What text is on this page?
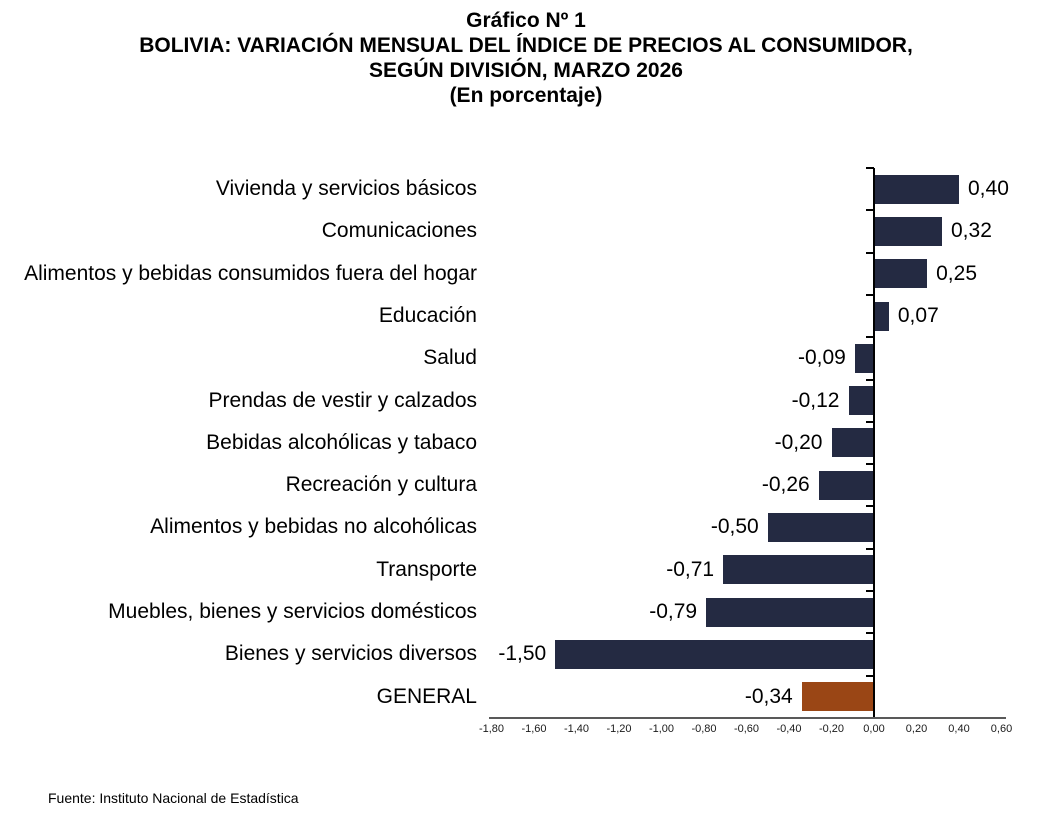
Gráfico Nº 1
BOLIVIA: VARIACIÓN MENSUAL DEL ÍNDICE DE PRECIOS AL CONSUMIDOR,
SEGÚN DIVISIÓN, MARZO 2026
(En porcentaje)
Vivienda y servicios básicos	0,40
Comunicaciones	0,32
Alimentos y bebidas consumidos fuera del hogar	0,25
Educación	0,07
Salud	-0,09
Prendas de vestir y calzados	-0,12
Bebidas alcohólicas y tabaco	-0,20
Recreación y cultura	-0,26
Alimentos y bebidas no alcohólicas	-0,50
Transporte	-0,71
Muebles, bienes y servicios domésticos	-0,79
Bienes y servicios diversos -1,50
GENERAL	-0,34
-1,80	-1,60	-1,40	-1,20	-1,00	-0,80	-0,60	-0,40	-0,20	0,00	0,20	0,40	0,60
Fuente: Instituto Nacional de Estadística
